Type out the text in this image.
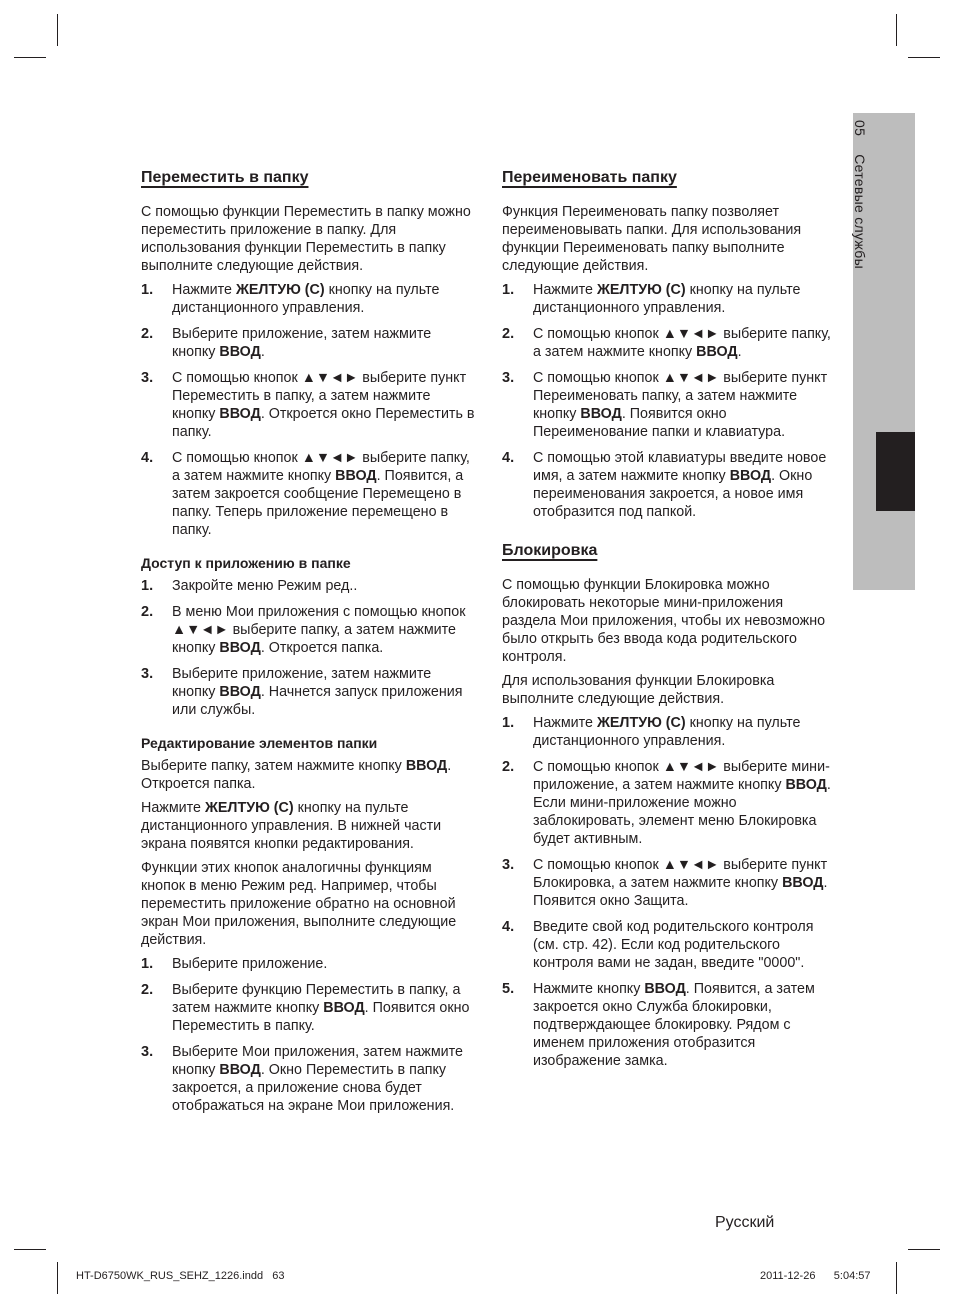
05Сетевые службы
Переместить в папку

С помощью функции Переместить в папку можно переместить приложение в папку. Для использования функции Переместить в папку выполните следующие действия.

1. Нажмите ЖЕЛТУЮ (C) кнопку на пульте дистанционного управления.
2. Выберите приложение, затем нажмите кнопку ВВОД.
3. С помощью кнопок ▲▼◄► выберите пункт Переместить в папку, а затем нажмите кнопку ВВОД. Откроется окно Переместить в папку.
4. С помощью кнопок ▲▼◄► выберите папку, а затем нажмите кнопку ВВОД. Появится, а затем закроется сообщение Перемещено в папку. Теперь приложение перемещено в папку.
Доступ к приложению в папке
1. Закройте меню Режим ред..
2. В меню Мои приложения с помощью кнопок ▲▼◄► выберите папку, а затем нажмите кнопку ВВОД. Откроется папка.
3. Выберите приложение, затем нажмите кнопку ВВОД. Начнется запуск приложения или службы.
Редактирование элементов папки

Выберите папку, затем нажмите кнопку ВВОД. Откроется папка.

Нажмите ЖЕЛТУЮ (C) кнопку на пульте дистанционного управления. В нижней части экрана появятся кнопки редактирования.

Функции этих кнопок аналогичны функциям кнопок в меню Режим ред. Например, чтобы переместить приложение обратно на основной экран Мои приложения, выполните следующие действия.

1. Выберите приложение.
2. Выберите функцию Переместить в папку, а затем нажмите кнопку ВВОД. Появится окно Переместить в папку.
3. Выберите Мои приложения, затем нажмите кнопку ВВОД. Окно Переместить в папку закроется, а приложение снова будет отображаться на экране Мои приложения.
Переименовать папку

Функция Переименовать папку позволяет переименовывать папки. Для использования функции Переименовать папку выполните следующие действия.

1. Нажмите ЖЕЛТУЮ (C) кнопку на пульте дистанционного управления.
2. С помощью кнопок ▲▼◄► выберите папку, а затем нажмите кнопку ВВОД.
3. С помощью кнопок ▲▼◄► выберите пункт Переименовать папку, а затем нажмите кнопку ВВОД. Появится окно Переименование папки и клавиатура.
4. С помощью этой клавиатуры введите новое имя, а затем нажмите кнопку ВВОД. Окно переименования закроется, а новое имя отобразится под папкой.
Блокировка

С помощью функции Блокировка можно блокировать некоторые мини-приложения раздела Мои приложения, чтобы их невозможно было открыть без ввода кода родительского контроля.

Для использования функции Блокировка выполните следующие действия.

1. Нажмите ЖЕЛТУЮ (C) кнопку на пульте дистанционного управления.
2. С помощью кнопок ▲▼◄► выберите мини-приложение, а затем нажмите кнопку ВВОД. Если мини-приложение можно заблокировать, элемент меню Блокировка будет активным.
3. С помощью кнопок ▲▼◄► выберите пункт Блокировка, а затем нажмите кнопку ВВОД. Появится окно Защита.
4. Введите свой код родительского контроля (см. стр. 42). Если код родительского контроля вами не задан, введите "0000".
5. Нажмите кнопку ВВОД. Появится, а затем закроется окно Служба блокировки, подтверждающее блокировку. Рядом с именем приложения отобразится изображение замка.
Русский
HT-D6750WK_RUS_SEHZ_1226.indd   63	2011-12-26      5:04:57
